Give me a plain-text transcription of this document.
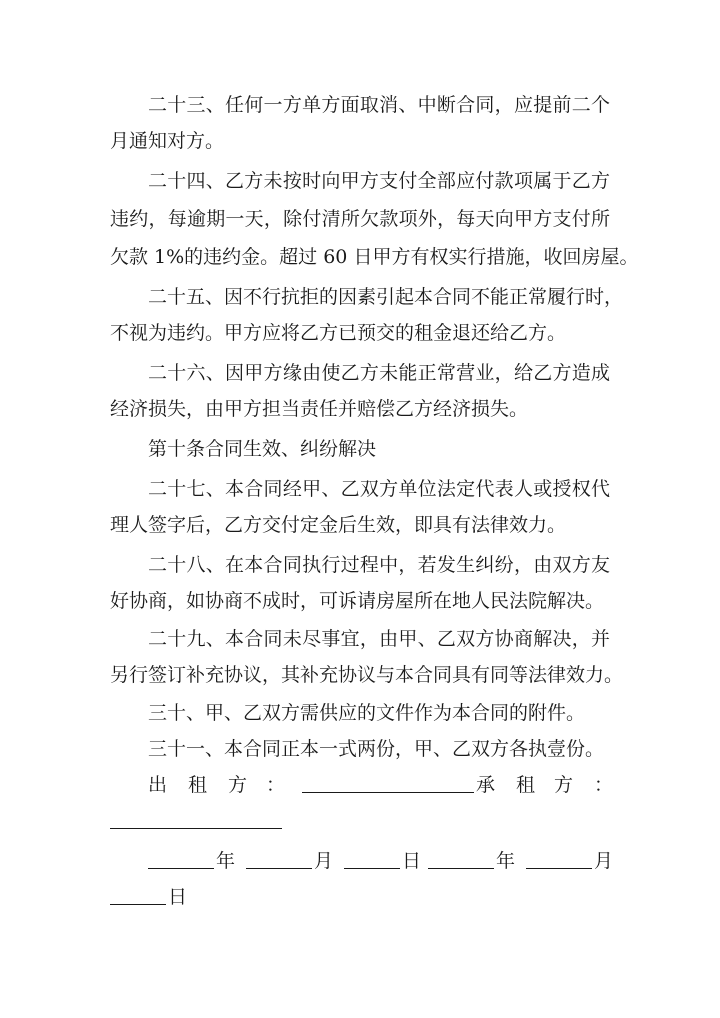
二十三、任何一方单方面取消、中断合同，应提前二个
月通知对方。
二十四、乙方未按时向甲方支付全部应付款项属于乙方
违约，每逾期一天，除付清所欠款项外，每天向甲方支付所
欠款 1%的违约金。超过 60 日甲方有权实行措施，收回房屋。
二十五、因不行抗拒的因素引起本合同不能正常履行时，
不视为违约。甲方应将乙方已预交的租金退还给乙方。
二十六、因甲方缘由使乙方未能正常营业，给乙方造成
经济损失，由甲方担当责任并赔偿乙方经济损失。
第十条合同生效、纠纷解决
二十七、本合同经甲、乙双方单位法定代表人或授权代
理人签字后，乙方交付定金后生效，即具有法律效力。
二十八、在本合同执行过程中，若发生纠纷，由双方友
好协商，如协商不成时，可诉请房屋所在地人民法院解决。
二十九、本合同未尽事宜，由甲、乙双方协商解决，并
另行签订补充协议，其补充协议与本合同具有同等法律效力。
三十、甲、乙双方需供应的文件作为本合同的附件。
三十一、本合同正本一式两份，甲、乙双方各执壹份。
出 租 方 ：	承 租 方 ：
年	月	日	年	月
日
